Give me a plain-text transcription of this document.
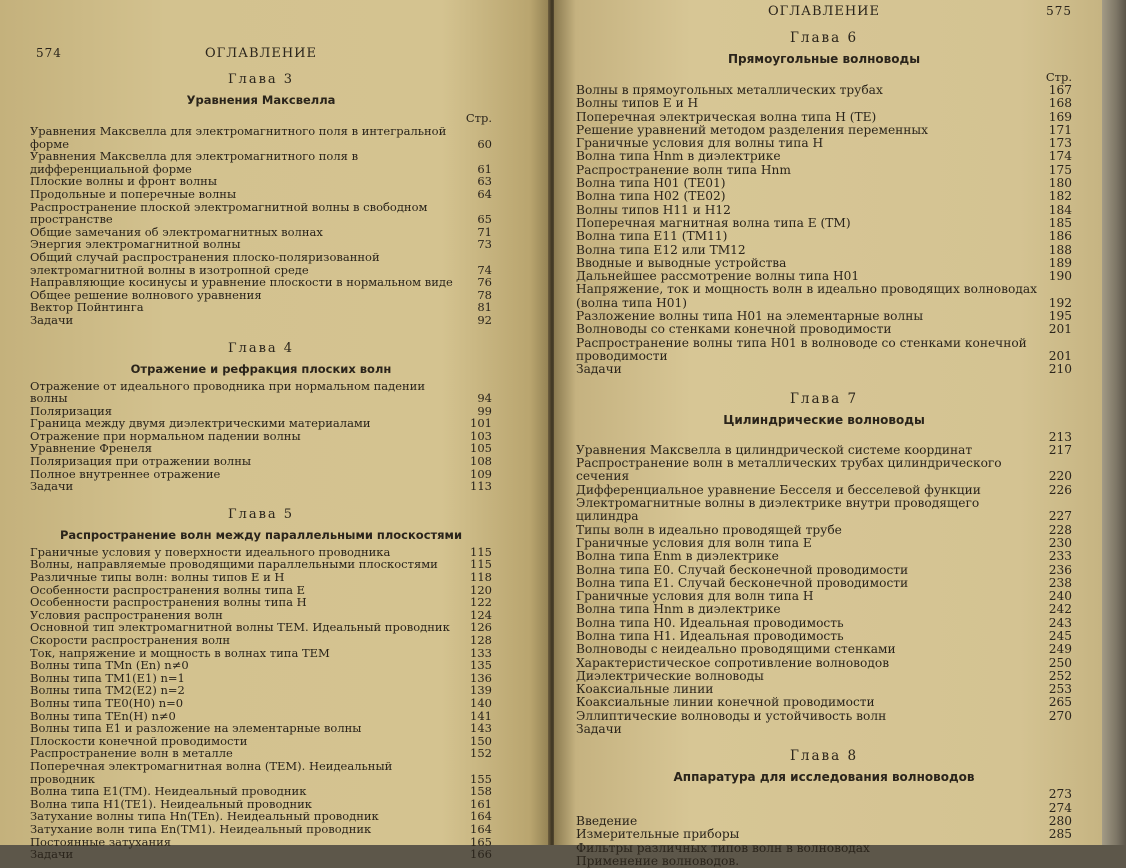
574	ОГЛАВЛЕНИЕ
Глава 3
Уравнения Максвелла
Стр.
Уравнения Максвелла для электромагнитного поля в интегральной форме	60
Уравнения Максвелла для электромагнитного поля в дифференциальной форме	61
Плоские волны и фронт волны	63
Продольные и поперечные волны	64
Распространение плоской электромагнитной волны в свободном пространстве	65
Общие замечания об электромагнитных волнах	71
Энергия электромагнитной волны	73
Общий случай распространения плоско-поляризованной электромагнитной волны в изотропной среде	74
Направляющие косинусы и уравнение плоскости в нормальном виде	76
Общее решение волнового уравнения	78
Вектор Пойнтинга	81
Задачи	92
Глава 4
Отражение и рефракция плоских волн
Отражение от идеального проводника при нормальном падении волны	94
Поляризация	99
Граница между двумя диэлектрическими материалами	101
Отражение при нормальном падении волны	103
Уравнение Френеля	105
Поляризация при отражении волны	108
Полное внутреннее отражение	109
Задачи	113
Глава 5
Распространение волн между параллельными плоскостями
Граничные условия у поверхности идеального проводника	115
Волны, направляемые проводящими параллельными плоскостями	115
Различные типы волн: волны типов E и H	118
Особенности распространения волны типа E	120
Особенности распространения волны типа H	122
Условия распространения волн	124
Основной тип электромагнитной волны TEM. Идеальный проводник	126
Скорости распространения волн	128
Ток, напряжение и мощность в волнах типа TEM	133
Волны типа TMn (En) n≠0	135
Волны типа TM1(E1) n=1	136
Волны типа TM2(E2) n=2	139
Волны типа TE0(H0) n=0	140
Волны типа TEn(H) n≠0	141
Волны типа E1 и разложение на элементарные волны	143
Плоскости конечной проводимости	150
Распространение волн в металле	152
Поперечная электромагнитная волна (TEM). Неидеальный проводник	155
Волна типа E1(TM). Неидеальный проводник	158
Волна типа H1(TE1). Неидеальный проводник	161
Затухание волны типа Hn(TEn). Неидеальный проводник	164
Затухание волн типа En(TM1). Неидеальный проводник	164
Постоянные затухания	165
Задачи	166
ОГЛАВЛЕНИЕ	575
Глава 6
Прямоугольные волноводы
Стр.
Волны в прямоугольных металлических трубах	167
Волны типов E и H	168
Поперечная электрическая волна типа H (TE)	169
Решение уравнений методом разделения переменных	171
Граничные условия для волны типа H	173
Волна типа Hnm в диэлектрике	174
Распространение волн типа Hnm	175
Волна типа H01 (TE01)	180
Волна типа H02 (TE02)	182
Волны типов H11 и H12	184
Поперечная магнитная волна типа E (TM)	185
Волна типа E11 (TM11)	186
Волна типа E12 или TM12	188
Вводные и выводные устройства	189
Дальнейшее рассмотрение волны типа H01	190
Напряжение, ток и мощность волн в идеально проводящих волноводах (волна типа H01)	192
Разложение волны типа H01 на элементарные волны	195
Волноводы со стенками конечной проводимости	201
Распространение волны типа H01 в волноводе со стенками конечной проводимости	201
Задачи	210
Глава 7
Цилиндрические волноводы
213
Уравнения Максвелла в цилиндрической системе координат	217
Распространение волн в металлических трубах цилиндрического сечения	220
Дифференциальное уравнение Бесселя и бесселевой функции	226
Электромагнитные волны в диэлектрике внутри проводящего цилиндра	227
Типы волн в идеально проводящей трубе	228
Граничные условия для волн типа E	230
Волна типа Enm в диэлектрике	233
Волна типа E0. Случай бесконечной проводимости	236
Волна типа E1. Случай бесконечной проводимости	238
Граничные условия для волн типа H	240
Волна типа Hnm в диэлектрике	242
Волна типа H0. Идеальная проводимость	243
Волна типа H1. Идеальная проводимость	245
Волноводы с неидеально проводящими стенками	249
Характеристическое сопротивление волноводов	250
Диэлектрические волноводы	252
Коаксиальные линии	253
Коаксиальные линии конечной проводимости	265
Эллиптические волноводы и устойчивость волн	270
Задачи
Глава 8
Аппаратура для исследования волноводов
273
274
Введение	280
Измерительные приборы	285
Фильтры различных типов волн в волноводах
Применение волноводов.
